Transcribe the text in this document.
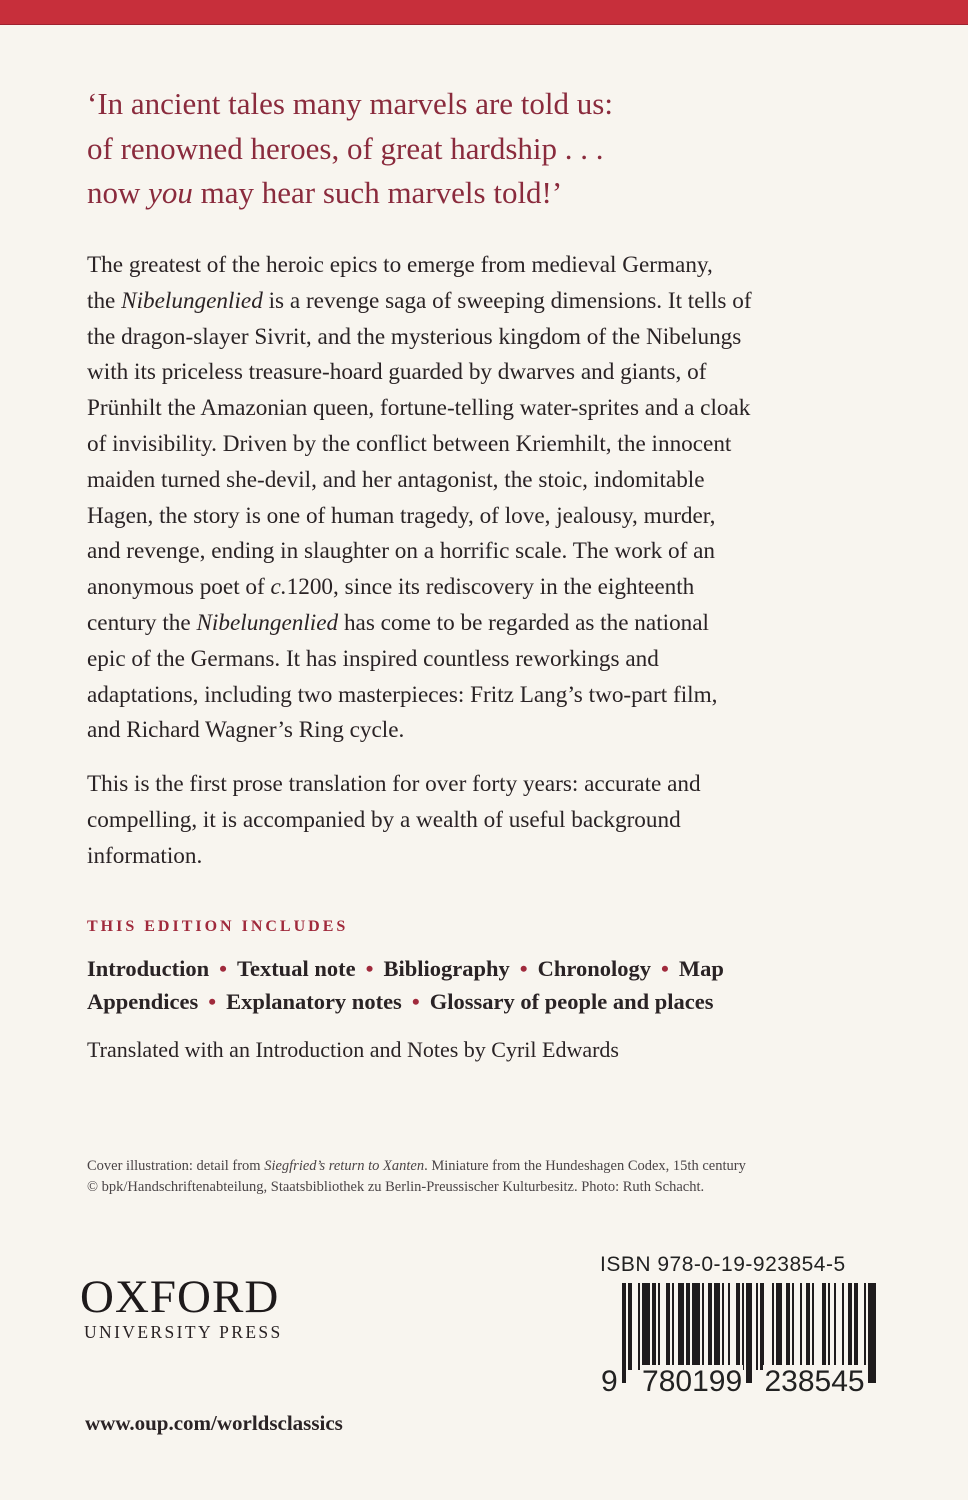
‘In ancient tales many marvels are told us:
of renowned heroes, of great hardship . . .
now you may hear such marvels told!’
The greatest of the heroic epics to emerge from medieval Germany,
the Nibelungenlied is a revenge saga of sweeping dimensions. It tells of
the dragon-slayer Sivrit, and the mysterious kingdom of the Nibelungs
with its priceless treasure-hoard guarded by dwarves and giants, of
Prünhilt the Amazonian queen, fortune-telling water-sprites and a cloak
of invisibility. Driven by the conflict between Kriemhilt, the innocent
maiden turned she-devil, and her antagonist, the stoic, indomitable
Hagen, the story is one of human tragedy, of love, jealousy, murder,
and revenge, ending in slaughter on a horrific scale. The work of an
anonymous poet of c.1200, since its rediscovery in the eighteenth
century the Nibelungenlied has come to be regarded as the national
epic of the Germans. It has inspired countless reworkings and
adaptations, including two masterpieces: Fritz Lang’s two-part film,
and Richard Wagner’s Ring cycle.
This is the first prose translation for over forty years: accurate and
compelling, it is accompanied by a wealth of useful background
information.
THIS EDITION INCLUDES
Introduction • Textual note • Bibliography • Chronology • Map
Appendices • Explanatory notes • Glossary of people and places
Translated with an Introduction and Notes by Cyril Edwards
Cover illustration: detail from Siegfried’s return to Xanten. Miniature from the Hundeshagen Codex, 15th century
© bpk/Handschriftenabteilung, Staatsbibliothek zu Berlin-Preussischer Kulturbesitz. Photo: Ruth Schacht.
OXFORD
UNIVERSITY PRESS
ISBN 978-0-19-923854-5
9 780199 238545
www.oup.com/worldsclassics
